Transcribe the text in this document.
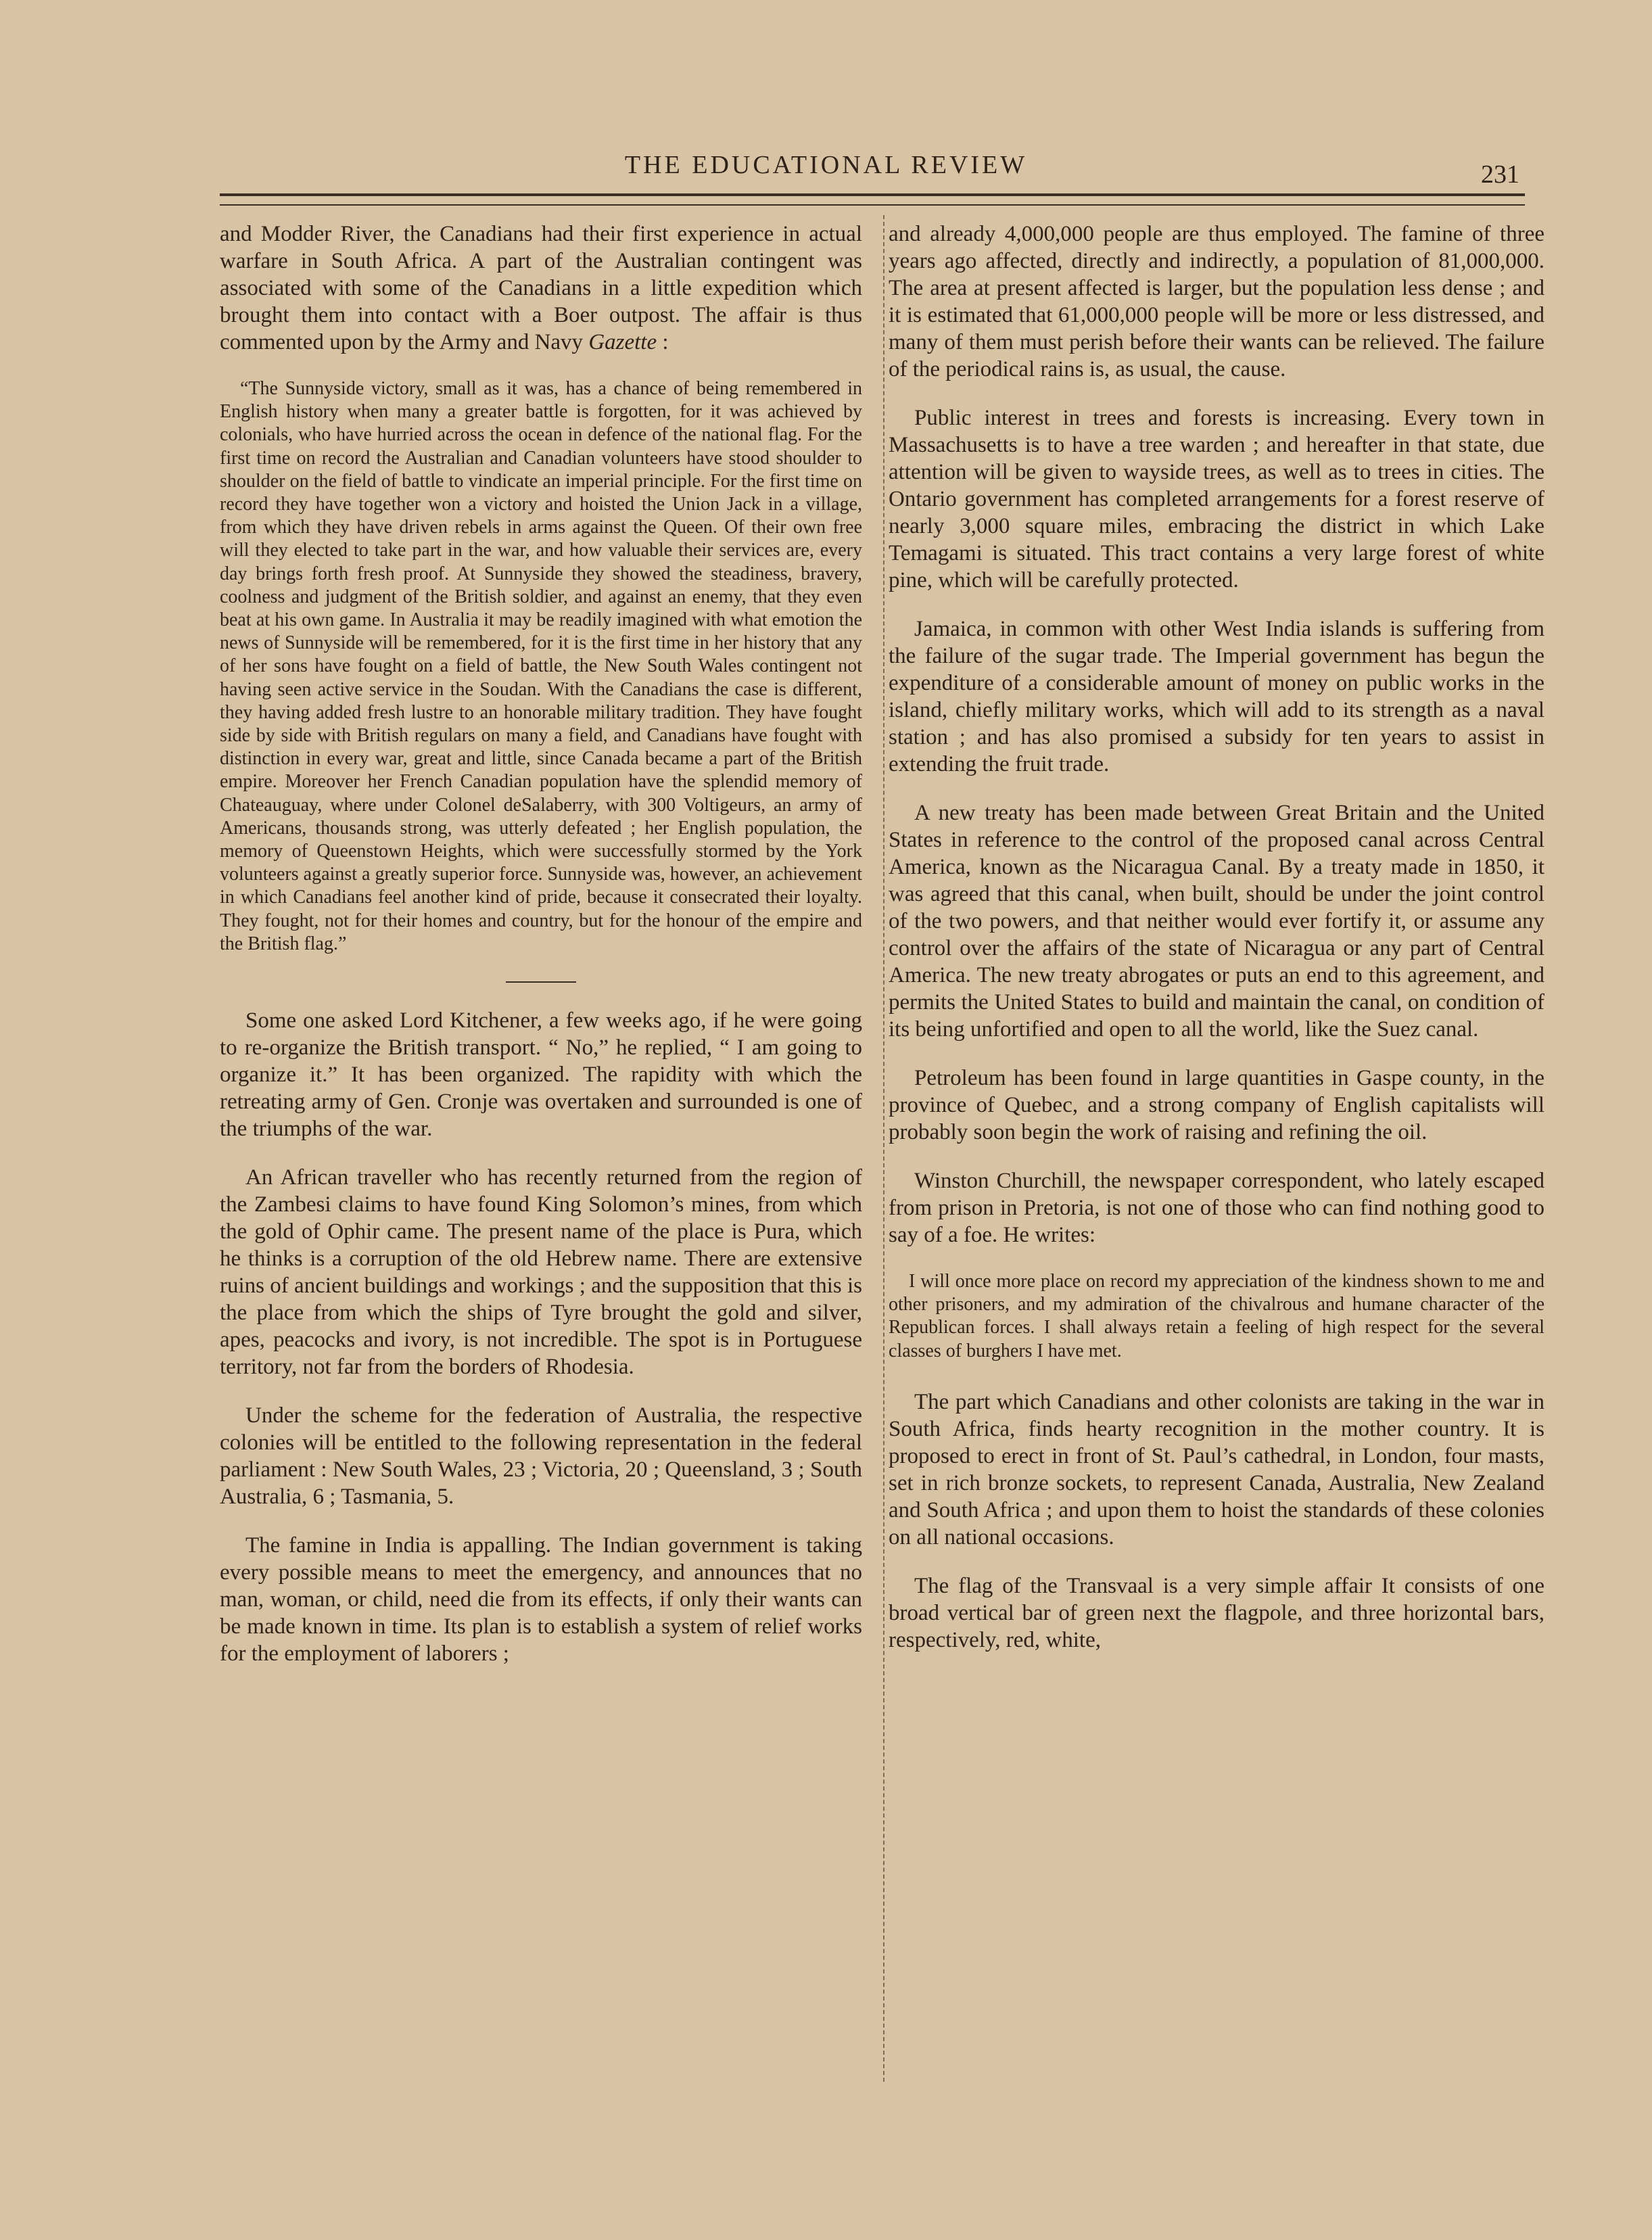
THE EDUCATIONAL REVIEW	231

and Modder River, the Canadians had their first experience in actual warfare in South Africa. A part of the Australian contingent was associated with some of the Canadians in a little expedition which brought them into contact with a Boer outpost. The affair is thus commented upon by the Army and Navy Gazette :

“The Sunnyside victory, small as it was, has a chance of being remembered in English history when many a greater battle is forgotten, for it was achieved by colonials, who have hurried across the ocean in defence of the national flag. For the first time on record the Australian and Canadian volunteers have stood shoulder to shoulder on the field of battle to vindicate an imperial principle. For the first time on record they have together won a victory and hoisted the Union Jack in a village, from which they have driven rebels in arms against the Queen. Of their own free will they elected to take part in the war, and how valuable their services are, every day brings forth fresh proof. At Sunnyside they showed the steadiness, bravery, coolness and judgment of the British soldier, and against an enemy, that they even beat at his own game. In Australia it may be readily imagined with what emotion the news of Sunnyside will be remembered, for it is the first time in her history that any of her sons have fought on a field of battle, the New South Wales contingent not having seen active service in the Soudan. With the Canadians the case is different, they having added fresh lustre to an honorable military tradition. They have fought side by side with British regulars on many a field, and Canadians have fought with distinction in every war, great and little, since Canada became a part of the British empire. Moreover her French Canadian population have the splendid memory of Chateauguay, where under Colonel deSalaberry, with 300 Voltigeurs, an army of Americans, thousands strong, was utterly defeated ; her English population, the memory of Queenstown Heights, which were successfully stormed by the York volunteers against a greatly superior force. Sunnyside was, however, an achievement in which Canadians feel another kind of pride, because it consecrated their loyalty. They fought, not for their homes and country, but for the honour of the empire and the British flag.”

Some one asked Lord Kitchener, a few weeks ago, if he were going to re-organize the British transport. “ No,” he replied, “ I am going to organize it.” It has been organized. The rapidity with which the retreating army of Gen. Cronje was overtaken and surrounded is one of the triumphs of the war.

An African traveller who has recently returned from the region of the Zambesi claims to have found King Solomon’s mines, from which the gold of Ophir came. The present name of the place is Pura, which he thinks is a corruption of the old Hebrew name. There are extensive ruins of ancient buildings and workings ; and the supposition that this is the place from which the ships of Tyre brought the gold and silver, apes, peacocks and ivory, is not incredible. The spot is in Portuguese territory, not far from the borders of Rhodesia.

Under the scheme for the federation of Australia, the respective colonies will be entitled to the following representation in the federal parliament : New South Wales, 23 ; Victoria, 20 ; Queensland, 3 ; South Australia, 6 ; Tasmania, 5.

The famine in India is appalling. The Indian government is taking every possible means to meet the emergency, and announces that no man, woman, or child, need die from its effects, if only their wants can be made known in time. Its plan is to establish a system of relief works for the employment of laborers ;

and already 4,000,000 people are thus employed. The famine of three years ago affected, directly and indirectly, a population of 81,000,000. The area at present affected is larger, but the population less dense ; and it is estimated that 61,000,000 people will be more or less distressed, and many of them must perish before their wants can be relieved. The failure of the periodical rains is, as usual, the cause.

Public interest in trees and forests is increasing. Every town in Massachusetts is to have a tree warden ; and hereafter in that state, due attention will be given to wayside trees, as well as to trees in cities. The Ontario government has completed arrangements for a forest reserve of nearly 3,000 square miles, embracing the district in which Lake Temagami is situated. This tract contains a very large forest of white pine, which will be carefully protected.

Jamaica, in common with other West India islands is suffering from the failure of the sugar trade. The Imperial government has begun the expenditure of a considerable amount of money on public works in the island, chiefly military works, which will add to its strength as a naval station ; and has also promised a subsidy for ten years to assist in extending the fruit trade.

A new treaty has been made between Great Britain and the United States in reference to the control of the proposed canal across Central America, known as the Nicaragua Canal. By a treaty made in 1850, it was agreed that this canal, when built, should be under the joint control of the two powers, and that neither would ever fortify it, or assume any control over the affairs of the state of Nicaragua or any part of Central America. The new treaty abrogates or puts an end to this agreement, and permits the United States to build and maintain the canal, on condition of its being unfortified and open to all the world, like the Suez canal.

Petroleum has been found in large quantities in Gaspe county, in the province of Quebec, and a strong company of English capitalists will probably soon begin the work of raising and refining the oil.

Winston Churchill, the newspaper correspondent, who lately escaped from prison in Pretoria, is not one of those who can find nothing good to say of a foe. He writes:

I will once more place on record my appreciation of the kindness shown to me and other prisoners, and my admiration of the chivalrous and humane character of the Republican forces. I shall always retain a feeling of high respect for the several classes of burghers I have met.

The part which Canadians and other colonists are taking in the war in South Africa, finds hearty recognition in the mother country. It is proposed to erect in front of St. Paul’s cathedral, in London, four masts, set in rich bronze sockets, to represent Canada, Australia, New Zealand and South Africa ; and upon them to hoist the standards of these colonies on all national occasions.

The flag of the Transvaal is a very simple affair It consists of one broad vertical bar of green next the flagpole, and three horizontal bars, respectively, red, white,
